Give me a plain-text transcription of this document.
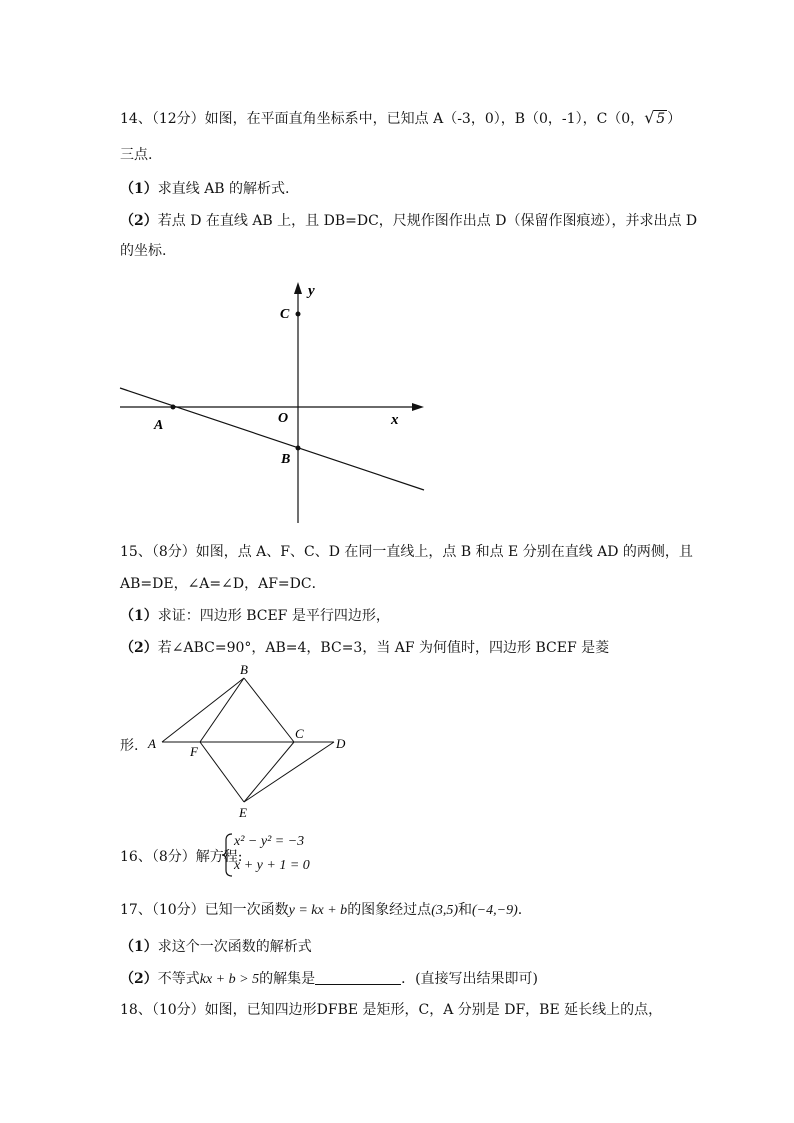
14、（12分）如图，在平面直角坐标系中，已知点 A（-3，0），B（0，-1），C（0， √ 5 ）
三点.
（1）求直线 AB 的解析式.
（2）若点 D 在直线 AB 上，且 DB=DC，尺规作图作出点 D（保留作图痕迹），并求出点 D
的坐标.
y
x
O
A
B
C
15、（8分）如图，点 A、F、C、D 在同一直线上，点 B 和点 E 分别在直线 AD 的两侧，且
AB=DE，∠A=∠D，AF=DC．
（1）求证：四边形 BCEF 是平行四边形，
（2）若∠ABC=90°，AB=4，BC=3，当 AF 为何值时，四边形 BCEF 是菱
形. A
B
C
D
E
F
16、（8分）解方程:
x² − y² = −3
x + y + 1 = 0
17、（10分）已知一次函数y = kx + b的图象经过点(3,5)和(−4,−9).
（1）求这个一次函数的解析式
（2）不等式kx + b > 5的解集是	．(直接写出结果即可)
18、（10分）如图，已知四边形DFBE 是矩形，C，A 分别是 DF，BE 延长线上的点，
